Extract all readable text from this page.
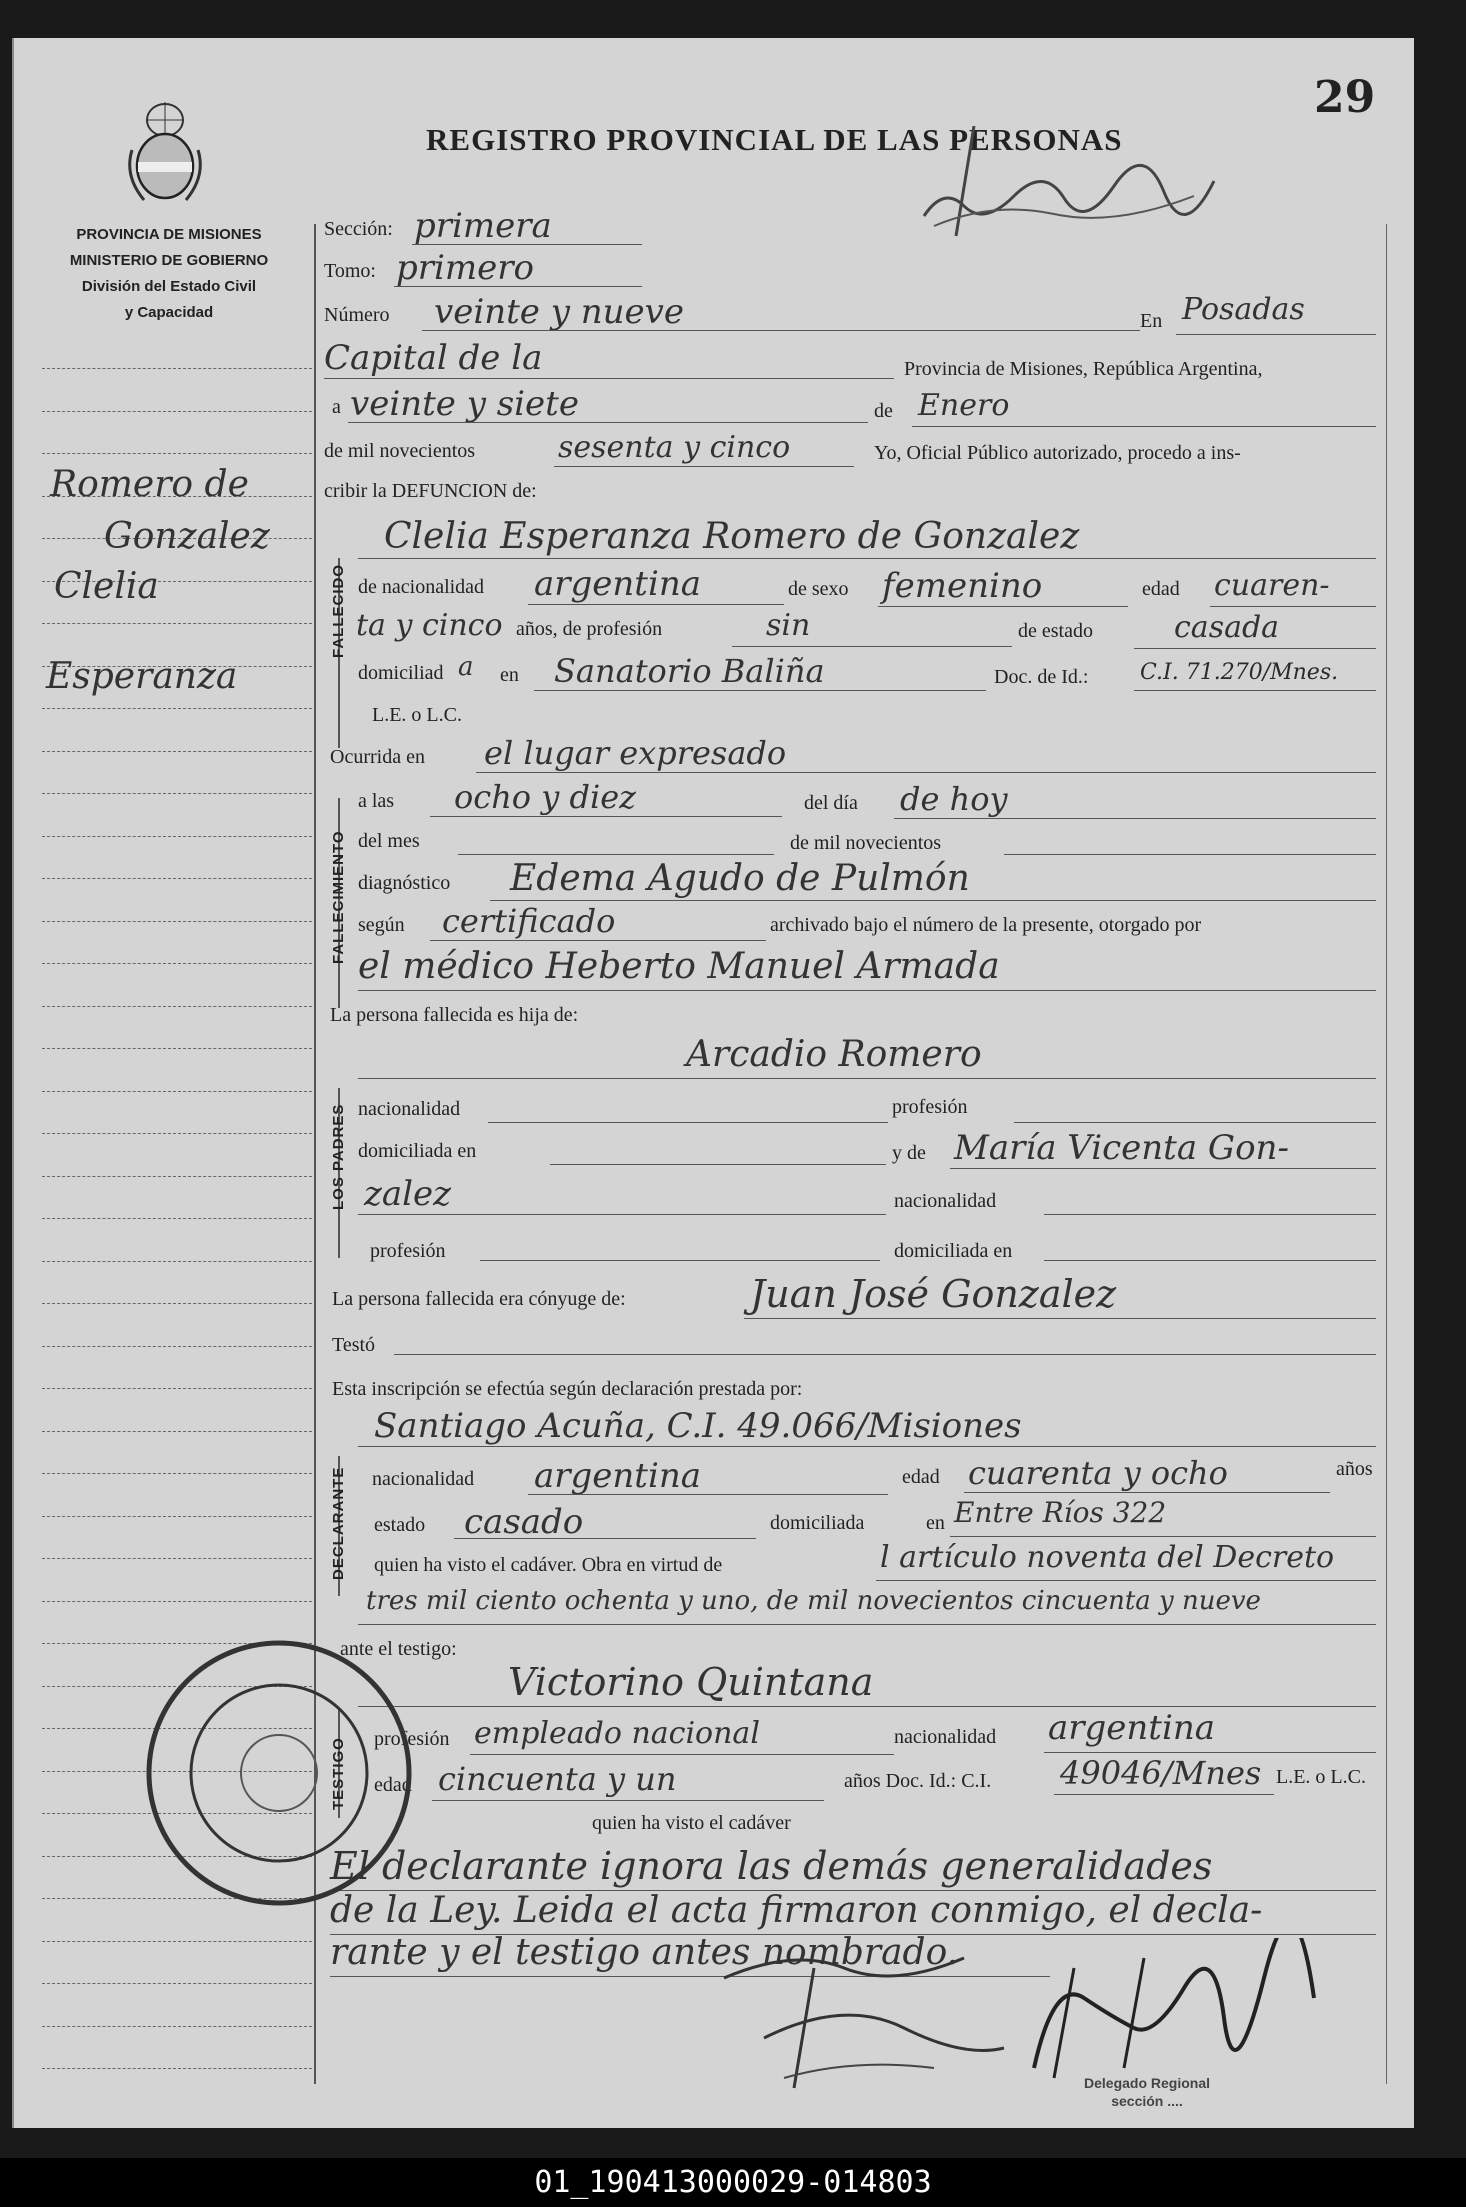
29
PROVINCIA DE MISIONES
MINISTERIO DE GOBIERNO
División del Estado Civil
y Capacidad
REGISTRO PROVINCIAL DE LAS PERSONAS
Romero de
Gonzalez
Clelia
Esperanza
Sección: primera
Tomo: primero
Número veinte y nueve	En Posadas
Capital de la	Provincia de Misiones, República Argentina,
a veinte y siete	de Enero
de mil novecientos	sesenta y cinco	Yo, Oficial Público autorizado, procedo a ins-
cribir la DEFUNCION de:
FALLECIDO
Clelia Esperanza Romero de Gonzalez
de nacionalidad argentina	de sexo femenino	edad cuaren-
ta y cinco años, de profesión	sin	de estado	casada
domiciliad a en Sanatorio Baliña	Doc. de Id.: C.I. 71.270/Mnes.
L.E. o L.C.
Ocurrida en el lugar expresado
FALLECIMIENTO
a las ocho y diez	del día de hoy
del mes	de mil novecientos
diagnóstico Edema Agudo de Pulmón
según certificado	archivado bajo el número de la presente, otorgado por
el médico Heberto Manuel Armada
La persona fallecida es hija de:
Arcadio Romero
LOS PADRES nacionalidad	profesión
domiciliada en	y de María Vicenta Gon-
zalez	nacionalidad
profesión	domiciliada en
La persona fallecida era cónyuge de:	Juan José Gonzalez
Testó
Esta inscripción se efectúa según declaración prestada por:
Santiago Acuña, C.I. 49.066/Misiones
DECLARANTE nacionalidad argentina	edad cuarenta y ocho	años
estado casado	domiciliada	en Entre Ríos 322
quien ha visto el cadáver. Obra en virtud de	l artículo noventa del Decreto
tres mil ciento ochenta y uno, de mil novecientos cincuenta y nueve
ante el testigo:
Victorino Quintana
TESTIGO profesión empleado nacional	nacionalidad argentina
edad cincuenta y un	años Doc. Id.: C.I. 49046/Mnes L.E. o L.C.
quien ha visto el cadáver
El declarante ignora las demás generalidades
de la Ley. Leida el acta firmaron conmigo, el decla-
rante y el testigo antes nombrado.
Delegado Regional
sección ....
01_190413000029-014803
